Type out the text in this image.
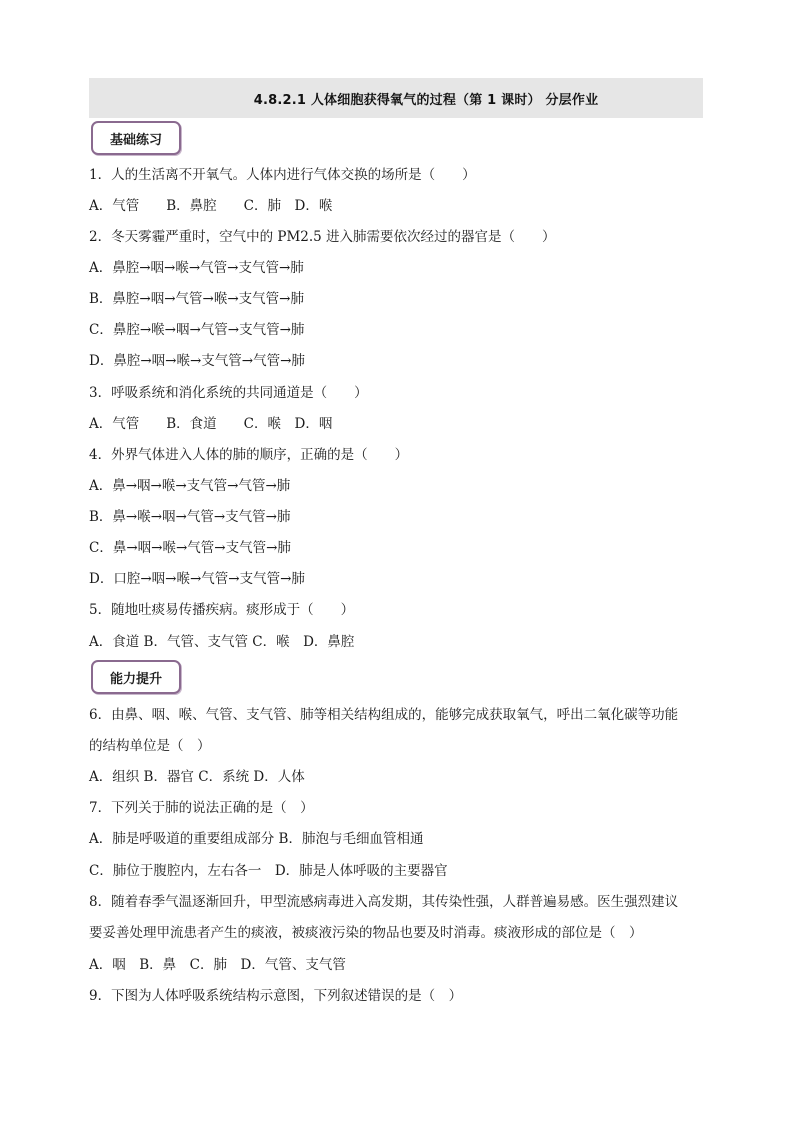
4.8.2.1 人体细胞获得氧气的过程（第 1 课时） 分层作业
基础练习
1．人的生活离不开氧气。人体内进行气体交换的场所是（　　）
A．气管　　B．鼻腔　　C．肺　D．喉
2．冬天雾霾严重时，空气中的 PM2.5 进入肺需要依次经过的器官是（　　）
A．鼻腔→咽→喉→气管→支气管→肺
B．鼻腔→咽→气管→喉→支气管→肺
C．鼻腔→喉→咽→气管→支气管→肺
D．鼻腔→咽→喉→支气管→气管→肺
3．呼吸系统和消化系统的共同通道是（　　）
A．气管　　B．食道　　C．喉　D．咽
4．外界气体进入人体的肺的顺序，正确的是（　　）
A．鼻→咽→喉→支气管→气管→肺
B．鼻→喉→咽→气管→支气管→肺
C．鼻→咽→喉→气管→支气管→肺
D．口腔→咽→喉→气管→支气管→肺
5．随地吐痰易传播疾病。痰形成于（　　）
A．食道 B．气管、支气管 C．喉　D．鼻腔
能力提升
6．由鼻、咽、喉、气管、支气管、肺等相关结构组成的，能够完成获取氧气，呼出二氧化碳等功能
的结构单位是（　）
A．组织 B．器官 C．系统 D．人体
7．下列关于肺的说法正确的是（　）
A．肺是呼吸道的重要组成部分 B．肺泡与毛细血管相通
C．肺位于腹腔内，左右各一　D．肺是人体呼吸的主要器官
8．随着春季气温逐渐回升，甲型流感病毒进入高发期，其传染性强，人群普遍易感。医生强烈建议
要妥善处理甲流患者产生的痰液，被痰液污染的物品也要及时消毒。痰液形成的部位是（　）
A．咽　B．鼻　C．肺　D．气管、支气管
9．下图为人体呼吸系统结构示意图，下列叙述错误的是（　）
